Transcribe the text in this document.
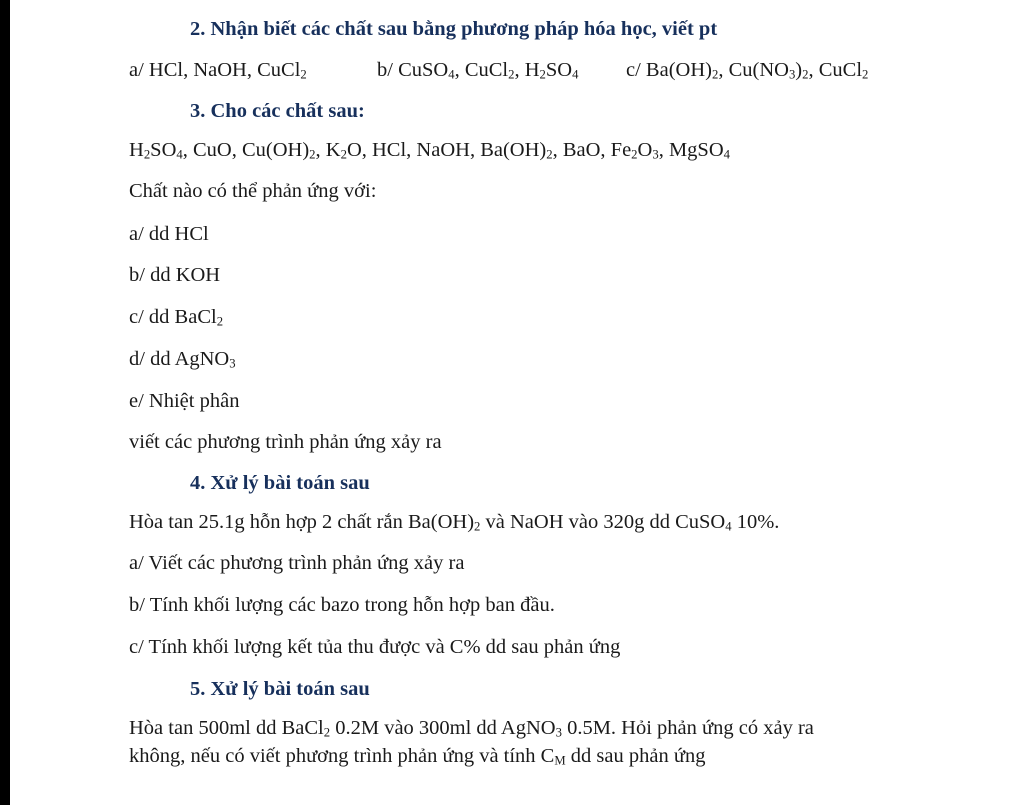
2. Nhận biết các chất sau bằng phương pháp hóa học, viết pt
a/ HCl, NaOH, CuCl$_2$	b/ CuSO$_4$, CuCl$_2$, $H_2SO_4$ c/ $Ba(OH)_2$, $Cu(NO_3)_2$, CuCl$_2$
3. Cho các chất sau:
$H_2SO_4$, CuO, $Cu(OH)_2$, $K_2O$, HCl, NaOH, $Ba(OH)_2$, BaO, $Fe_2O_3$, MgSO$_4$
Chất nào có thể phản ứng với:
a/ dd HCl
b/ dd KOH
c/ dd BaCl$_2$
d/ dd AgNO$_3$
e/ Nhiệt phân
viết các phương trình phản ứng xảy ra
4. Xử lý bài toán sau
Hòa tan 25.1g hỗn hợp 2 chất rắn $Ba(OH)_2$ và NaOH vào 320g dd CuSO$_4$ 10%.
a/ Viết các phương trình phản ứng xảy ra
b/ Tính khối lượng các bazo trong hỗn hợp ban đầu.
c/ Tính khối lượng kết tủa thu được và C% dd sau phản ứng
5. Xử lý bài toán sau
Hòa tan 500ml dd BaCl$_2$ 0.2M vào 300ml dd AgNO$_3$ 0.5M. Hỏi phản ứng có xảy ra
không, nếu có viết phương trình phản ứng và tính $C_M$ dd sau phản ứng
